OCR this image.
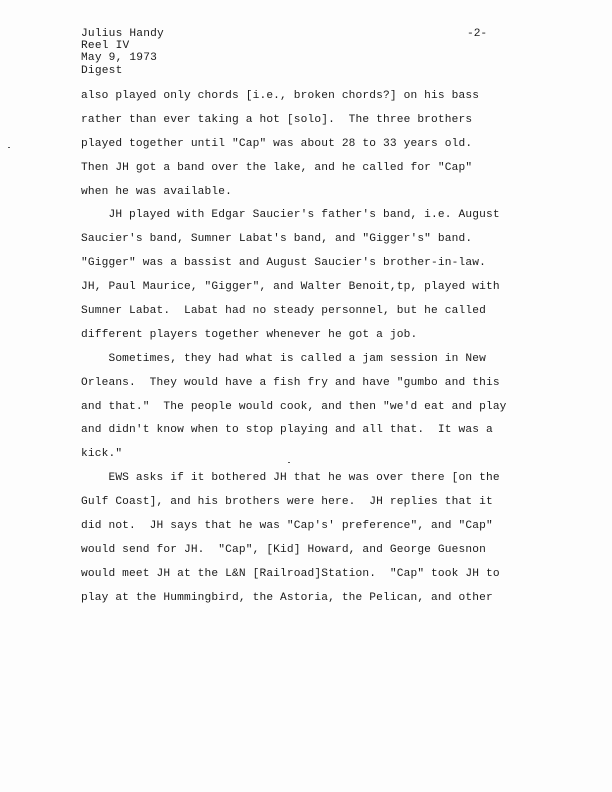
Julius Handy
Reel IV
May 9, 1973
Digest
-2-
also played only chords [i.e., broken chords?] on his bass
rather than ever taking a hot [solo].  The three brothers
played together until "Cap" was about 28 to 33 years old.
Then JH got a band over the lake, and he called for "Cap"
when he was available.
JH played with Edgar Saucier's father's band, i.e. August
Saucier's band, Sumner Labat's band, and "Gigger's" band.
"Gigger" was a bassist and August Saucier's brother-in-law.
JH, Paul Maurice, "Gigger", and Walter Benoit,tp, played with
Sumner Labat.  Labat had no steady personnel, but he called
different players together whenever he got a job.
Sometimes, they had what is called a jam session in New
Orleans.  They would have a fish fry and have "gumbo and this
and that."  The people would cook, and then "we'd eat and play
and didn't know when to stop playing and all that.  It was a
kick."
EWS asks if it bothered JH that he was over there [on the
Gulf Coast], and his brothers were here.  JH replies that it
did not.  JH says that he was "Cap's' preference", and "Cap"
would send for JH.  "Cap", [Kid] Howard, and George Guesnon
would meet JH at the L&N [Railroad]Station.  "Cap" took JH to
play at the Hummingbird, the Astoria, the Pelican, and other
